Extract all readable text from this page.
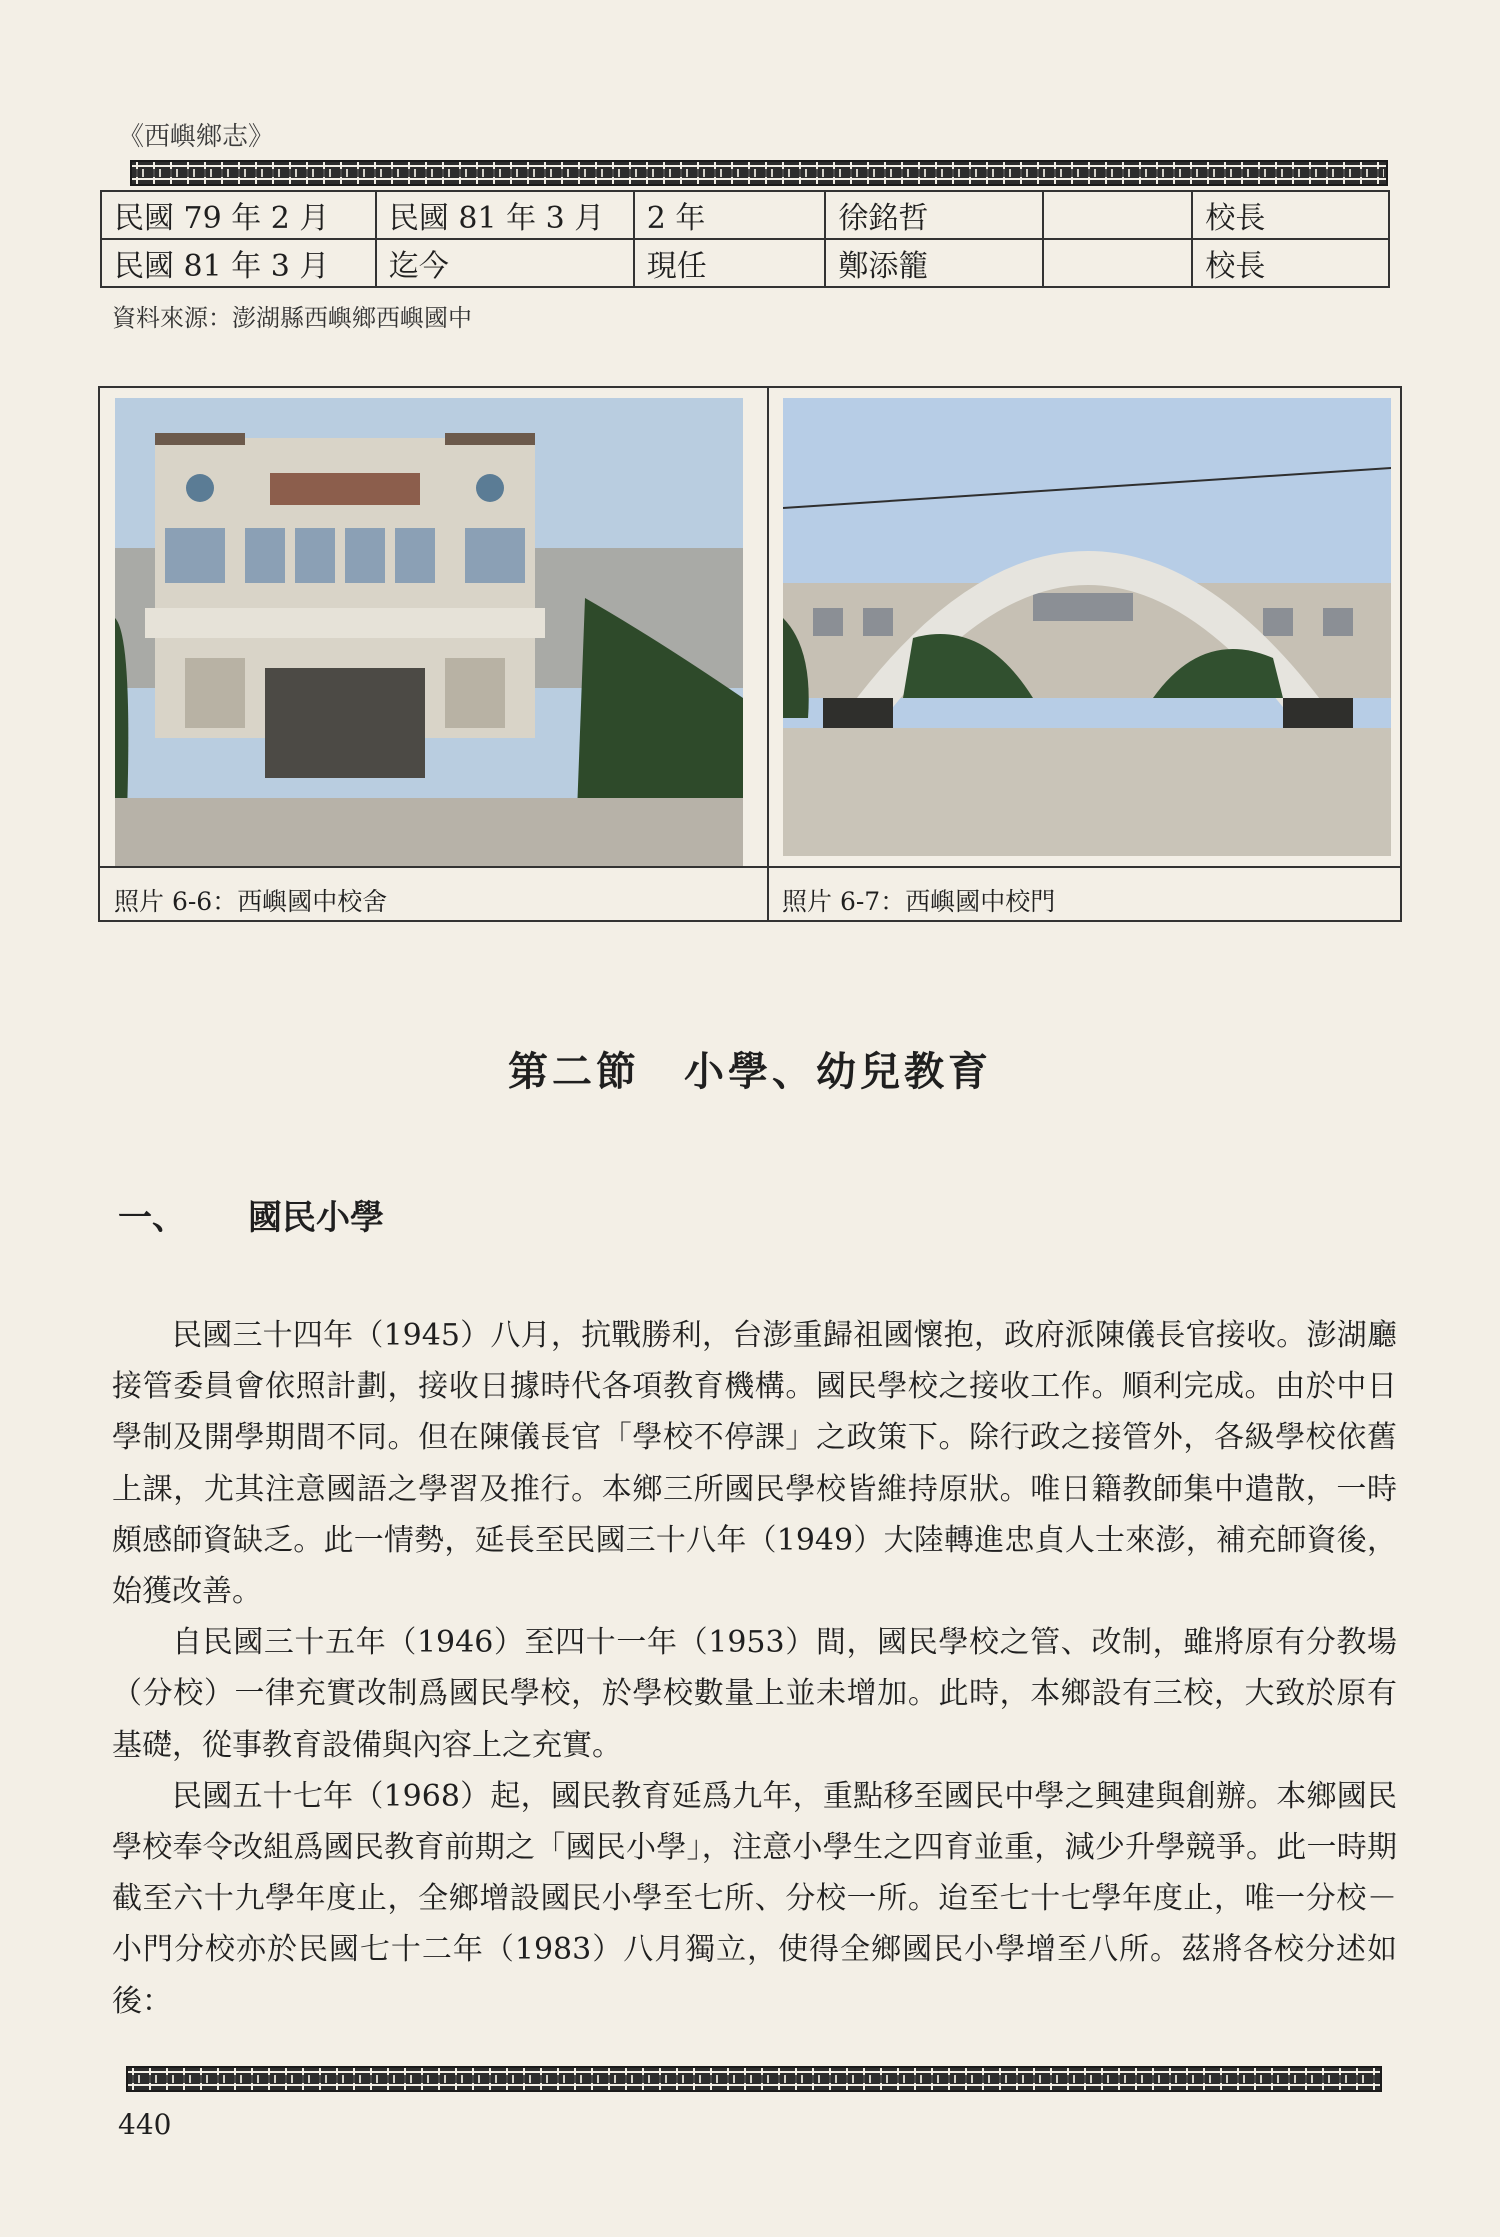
《西嶼鄉志》
民國 79 年 2 月	民國 81 年 3 月	2 年	徐銘哲		校長
民國 81 年 3 月	迄今	現任	鄭添籠		校長
資料來源：澎湖縣西嶼鄉西嶼國中
照片 6-6：西嶼國中校舍	照片 6-7：西嶼國中校門
第二節　小學、幼兒教育
一、 國民小學

民國三十四年（1945）八月，抗戰勝利，台澎重歸祖國懷抱，政府派陳儀長官接收。澎湖廳接管委員會依照計劃，接收日據時代各項教育機構。國民學校之接收工作。順利完成。由於中日學制及開學期間不同。但在陳儀長官「學校不停課」之政策下。除行政之接管外，各級學校依舊上課，尤其注意國語之學習及推行。本鄉三所國民學校皆維持原狀。唯日籍教師集中遣散，一時頗感師資缺乏。此一情勢，延長至民國三十八年（1949）大陸轉進忠貞人士來澎，補充師資後，始獲改善。

自民國三十五年（1946）至四十一年（1953）間，國民學校之管、改制，雖將原有分教場（分校）一律充實改制爲國民學校，於學校數量上並未增加。此時，本鄉設有三校，大致於原有基礎，從事教育設備與內容上之充實。

民國五十七年（1968）起，國民教育延爲九年，重點移至國民中學之興建與創辦。本鄉國民學校奉令改組爲國民教育前期之「國民小學」，注意小學生之四育並重，減少升學競爭。此一時期截至六十九學年度止，全鄉增設國民小學至七所、分校一所。迨至七十七學年度止，唯一分校－小門分校亦於民國七十二年（1983）八月獨立，使得全鄉國民小學增至八所。茲將各校分述如後：

440
